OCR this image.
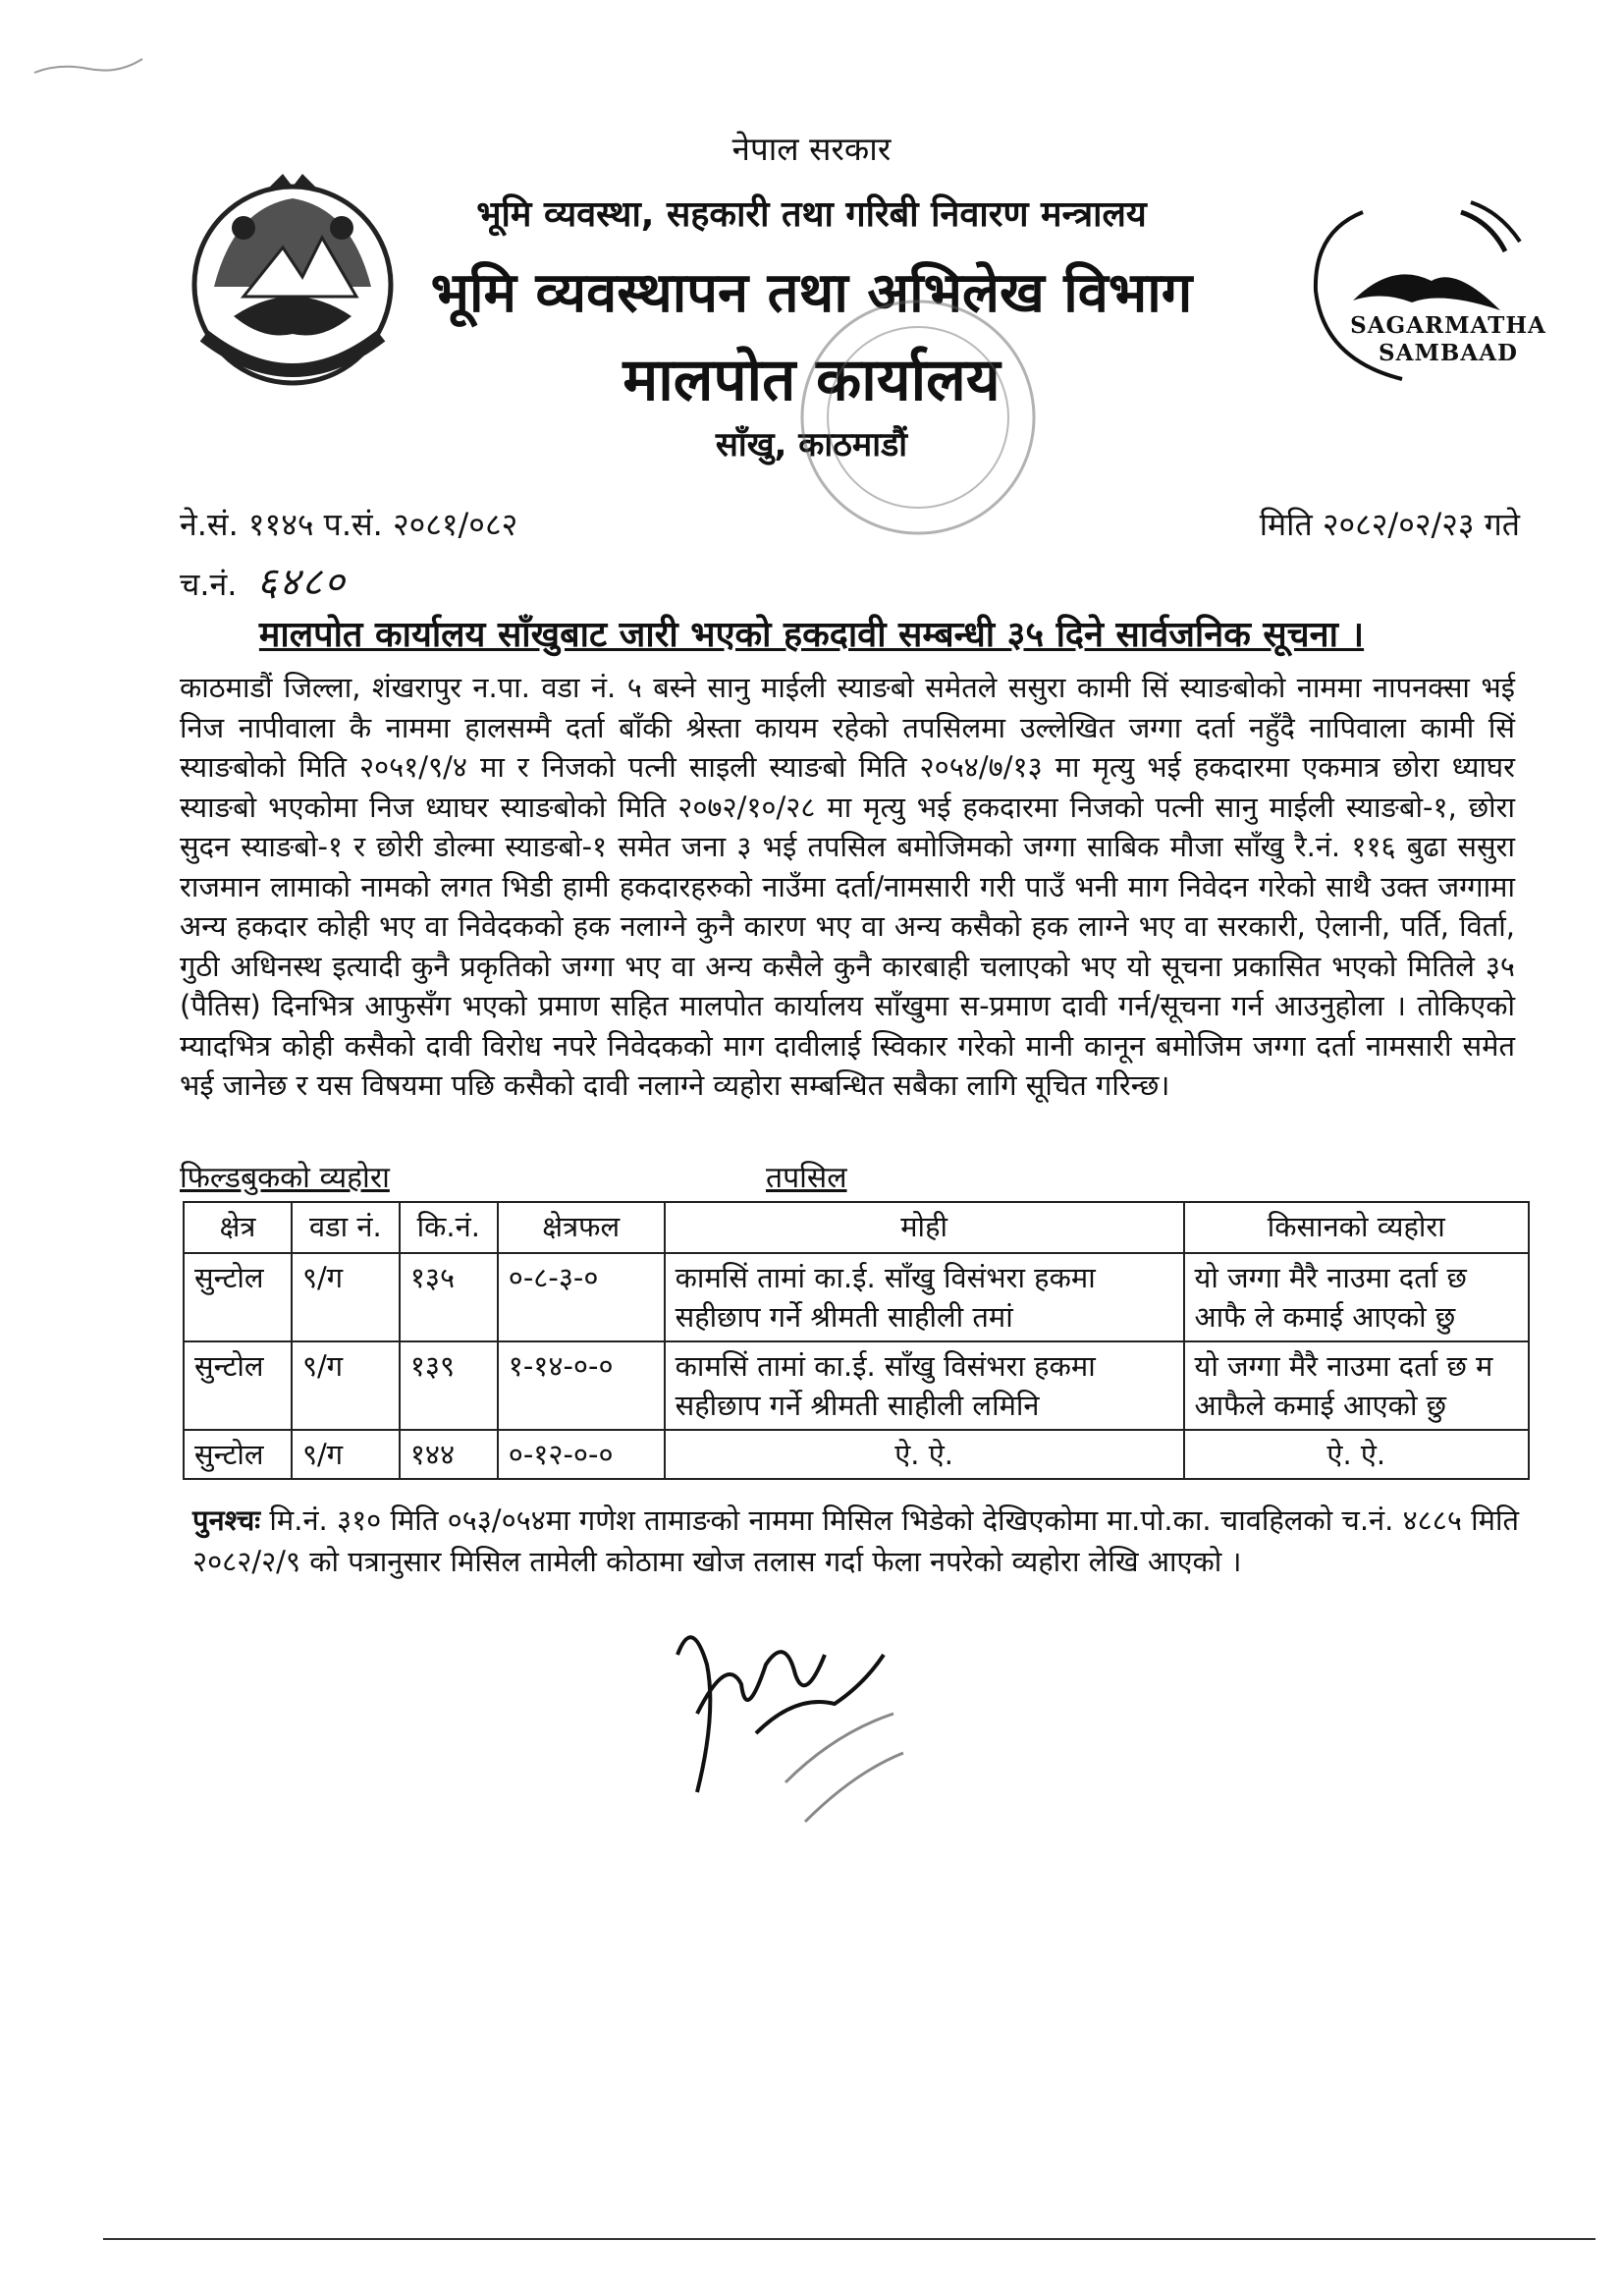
SAGARMATHA
SAMBAAD
नेपाल सरकार
भूमि व्यवस्था, सहकारी तथा गरिबी निवारण मन्त्रालय
भूमि व्यवस्थापन तथा अभिलेख विभाग
मालपोत कार्यालय
साँखु, काठमाडौं
ने.सं. ११४५ प.सं. २०८१/०८२	मिति २०८२/०२/२३ गते
च.नं. ६४८०
मालपोत कार्यालय साँखुबाट जारी भएको हकदावी सम्बन्धी ३५ दिने सार्वजनिक सूचना ।
काठमाडौं जिल्ला, शंखरापुर न.पा. वडा नं. ५ बस्ने सानु माईली स्याङबो समेतले ससुरा कामी सिं स्याङबोको नाममा नापनक्सा भई निज नापीवाला कै नाममा हालसम्मै दर्ता बाँकी श्रेस्ता कायम रहेको तपसिलमा उल्लेखित जग्गा दर्ता नहुँदै नापिवाला कामी सिं स्याङबोको मिति २०५१/९/४ मा र निजको पत्नी साइली स्याङबो मिति २०५४/७/१३ मा मृत्यु भई हकदारमा एकमात्र छोरा ध्याघर स्याङबो भएकोमा निज ध्याघर स्याङबोको मिति २०७२/१०/२८ मा मृत्यु भई हकदारमा निजको पत्नी सानु माईली स्याङबो-१, छोरा सुदन स्याङबो-१ र छोरी डोल्मा स्याङबो-१ समेत जना ३ भई तपसिल बमोजिमको जग्गा साबिक मौजा साँखु रै.नं. ११६ बुढा ससुरा राजमान लामाको नामको लगत भिडी हामी हकदारहरुको नाउँमा दर्ता/नामसारी गरी पाउँ भनी माग निवेदन गरेको साथै उक्त जग्गामा अन्य हकदार कोही भए वा निवेदकको हक नलाग्ने कुनै कारण भए वा अन्य कसैको हक लाग्ने भए वा सरकारी, ऐलानी, पर्ति, विर्ता, गुठी अधिनस्थ इत्यादी कुनै प्रकृतिको जग्गा भए वा अन्य कसैले कुनै कारबाही चलाएको भए यो सूचना प्रकासित भएको मितिले ३५ (पैतिस) दिनभित्र आफुसँग भएको प्रमाण सहित मालपोत कार्यालय साँखुमा स-प्रमाण दावी गर्न/सूचना गर्न आउनुहोला । तोकिएको म्यादभित्र कोही कसैको दावी विरोध नपरे निवेदकको माग दावीलाई स्विकार गरेको मानी कानून बमोजिम जग्गा दर्ता नामसारी समेत भई जानेछ र यस विषयमा पछि कसैको दावी नलाग्ने व्यहोरा सम्बन्धित सबैका लागि सूचित गरिन्छ।
फिल्डबुकको व्यहोरा	तपसिल
क्षेत्र	वडा नं.	कि.नं.	क्षेत्रफल	मोही	किसानको व्यहोरा
सुन्टोल	९/ग	१३५	०-८-३-०	कामसिं तामां का.ई. साँखु विसंभरा हकमा सहीछाप गर्ने श्रीमती साहीली तमां	यो जग्गा मैरै नाउमा दर्ता छ आफै ले कमाई आएको छु
सुन्टोल	९/ग	१३९	१-१४-०-०	कामसिं तामां का.ई. साँखु विसंभरा हकमा सहीछाप गर्ने श्रीमती साहीली लमिनि	यो जग्गा मैरै नाउमा दर्ता छ म आफैले कमाई आएको छु
सुन्टोल	९/ग	१४४	०-१२-०-०	ऐ. ऐ.	ऐ. ऐ.
पुनश्चः मि.नं. ३१० मिति ०५३/०५४मा गणेश तामाङको नाममा मिसिल भिडेको देखिएकोमा मा.पो.का. चावहिलको च.नं. ४८८५ मिति २०८२/२/९ को पत्रानुसार मिसिल तामेली कोठामा खोज तलास गर्दा फेला नपरेको व्यहोरा लेखि आएको ।
